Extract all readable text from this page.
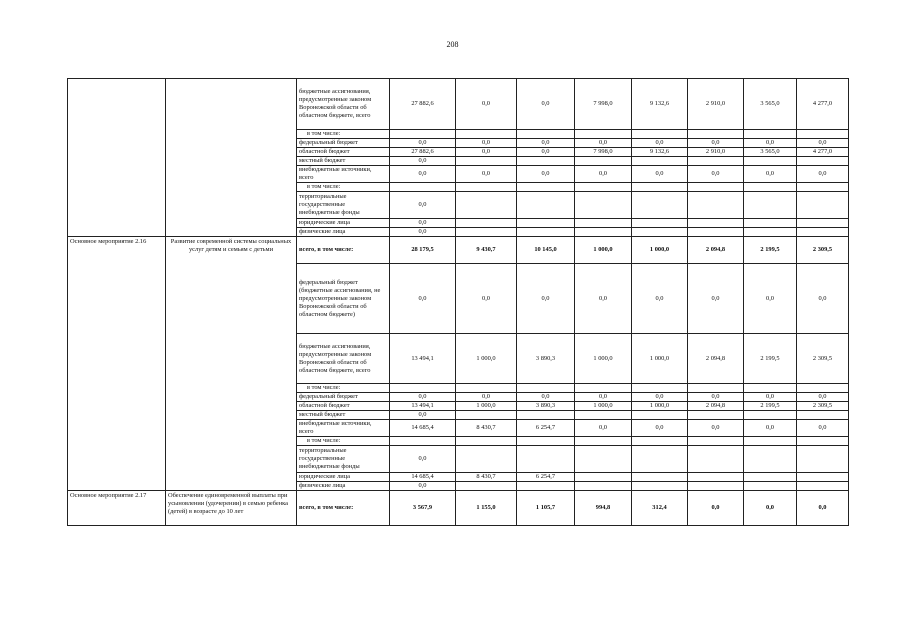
208
		бюджетные ассигнования, предусмотренные законом Воронежской области об областном бюджете, всего	27 882,6	0,0	0,0	7 998,0	9 132,6	2 910,0	3 565,0	4 277,0
		в том числе:								
		федеральный бюджет	0,0	0,0	0,0	0,0	0,0	0,0	0,0	0,0
		областной бюджет	27 882,6	0,0	0,0	7 998,0	9 132,6	2 910,0	3 565,0	4 277,0
		местный бюджет	0,0							
		внебюджетные источники, всего	0,0	0,0	0,0	0,0	0,0	0,0	0,0	0,0
		в том числе:								
		территориальные государственные внебюджетные фонды	0,0							
		юридические лица	0,0							
		физические лица	0,0							
Основное мероприятие 2.16	Развитие современной системы социальных услуг детям и семьям с детьми	всего, в том числе:	28 179,5	9 430,7	10 145,0	1 000,0	1 000,0	2 094,8	2 199,5	2 309,5
		федеральный бюджет (бюджетные ассигнования, не предусмотренные законом Воронежской области об областном бюджете)	0,0	0,0	0,0	0,0	0,0	0,0	0,0	0,0
		бюджетные ассигнования, предусмотренные законом Воронежской области об областном бюджете, всего	13 494,1	1 000,0	3 890,3	1 000,0	1 000,0	2 094,8	2 199,5	2 309,5
		в том числе:								
		федеральный бюджет	0,0	0,0	0,0	0,0	0,0	0,0	0,0	0,0
		областной бюджет	13 494,1	1 000,0	3 890,3	1 000,0	1 000,0	2 094,8	2 199,5	2 309,5
		местный бюджет	0,0							
		внебюджетные источники, всего	14 685,4	8 430,7	6 254,7	0,0	0,0	0,0	0,0	0,0
		в том числе:								
		территориальные государственные внебюджетные фонды	0,0							
		юридические лица	14 685,4	8 430,7	6 254,7					
		физические лица	0,0							
Основное мероприятие 2.17	Обеспечение единовременной выплаты при усыновлении (удочерении) в семью ребенка (детей) в возрасте до 10 лет	всего, в том числе:	3 567,9	1 155,0	1 105,7	994,8	312,4	0,0	0,0	0,0
